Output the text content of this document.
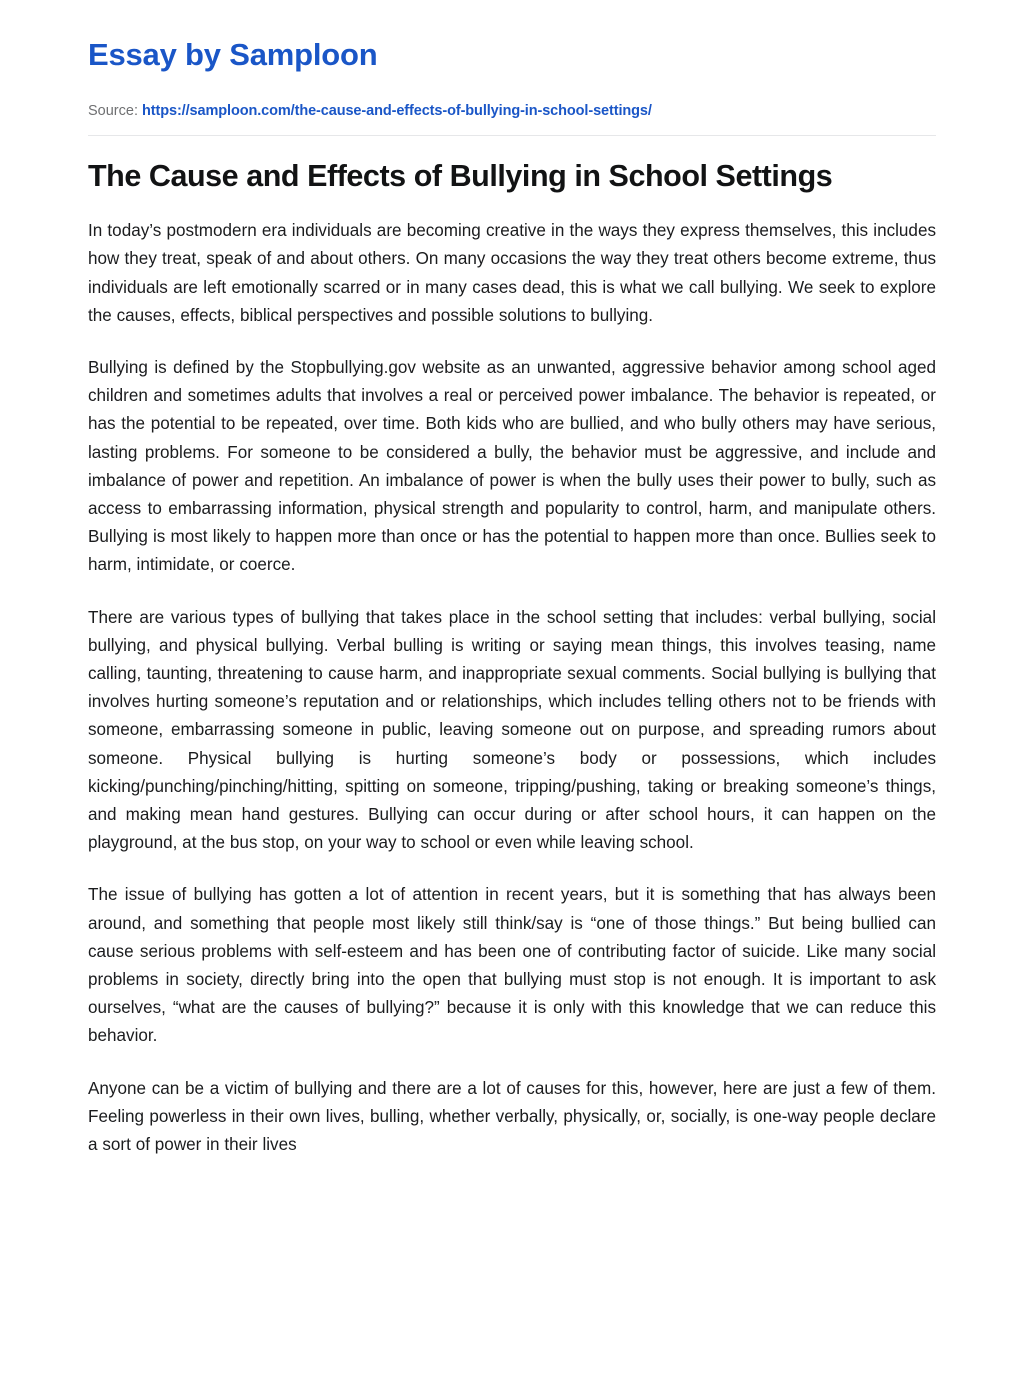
Essay by Samploon
Source: https://samploon.com/the-cause-and-effects-of-bullying-in-school-settings/
The Cause and Effects of Bullying in School Settings

In today’s postmodern era individuals are becoming creative in the ways they express themselves, this includes how they treat, speak of and about others. On many occasions the way they treat others become extreme, thus individuals are left emotionally scarred or in many cases dead, this is what we call bullying. We seek to explore the causes, effects, biblical perspectives and possible solutions to bullying.

Bullying is defined by the Stopbullying.gov website as an unwanted, aggressive behavior among school aged children and sometimes adults that involves a real or perceived power imbalance. The behavior is repeated, or has the potential to be repeated, over time. Both kids who are bullied, and who bully others may have serious, lasting problems. For someone to be considered a bully, the behavior must be aggressive, and include and imbalance of power and repetition. An imbalance of power is when the bully uses their power to bully, such as access to embarrassing information, physical strength and popularity to control, harm, and manipulate others. Bullying is most likely to happen more than once or has the potential to happen more than once. Bullies seek to harm, intimidate, or coerce.

There are various types of bullying that takes place in the school setting that includes: verbal bullying, social bullying, and physical bullying. Verbal bulling is writing or saying mean things, this involves teasing, name calling, taunting, threatening to cause harm, and inappropriate sexual comments. Social bullying is bullying that involves hurting someone’s reputation and or relationships, which includes telling others not to be friends with someone, embarrassing someone in public, leaving someone out on purpose, and spreading rumors about someone. Physical bullying is hurting someone’s body or possessions, which includes kicking/punching/pinching/hitting, spitting on someone, tripping/pushing, taking or breaking someone’s things, and making mean hand gestures. Bullying can occur during or after school hours, it can happen on the playground, at the bus stop, on your way to school or even while leaving school.

The issue of bullying has gotten a lot of attention in recent years, but it is something that has always been around, and something that people most likely still think/say is “one of those things.” But being bullied can cause serious problems with self-esteem and has been one of contributing factor of suicide. Like many social problems in society, directly bring into the open that bullying must stop is not enough. It is important to ask ourselves, “what are the causes of bullying?” because it is only with this knowledge that we can reduce this behavior.

Anyone can be a victim of bullying and there are a lot of causes for this, however, here are just a few of them. Feeling powerless in their own lives, bulling, whether verbally, physically, or, socially, is one-way people declare a sort of power in their lives
